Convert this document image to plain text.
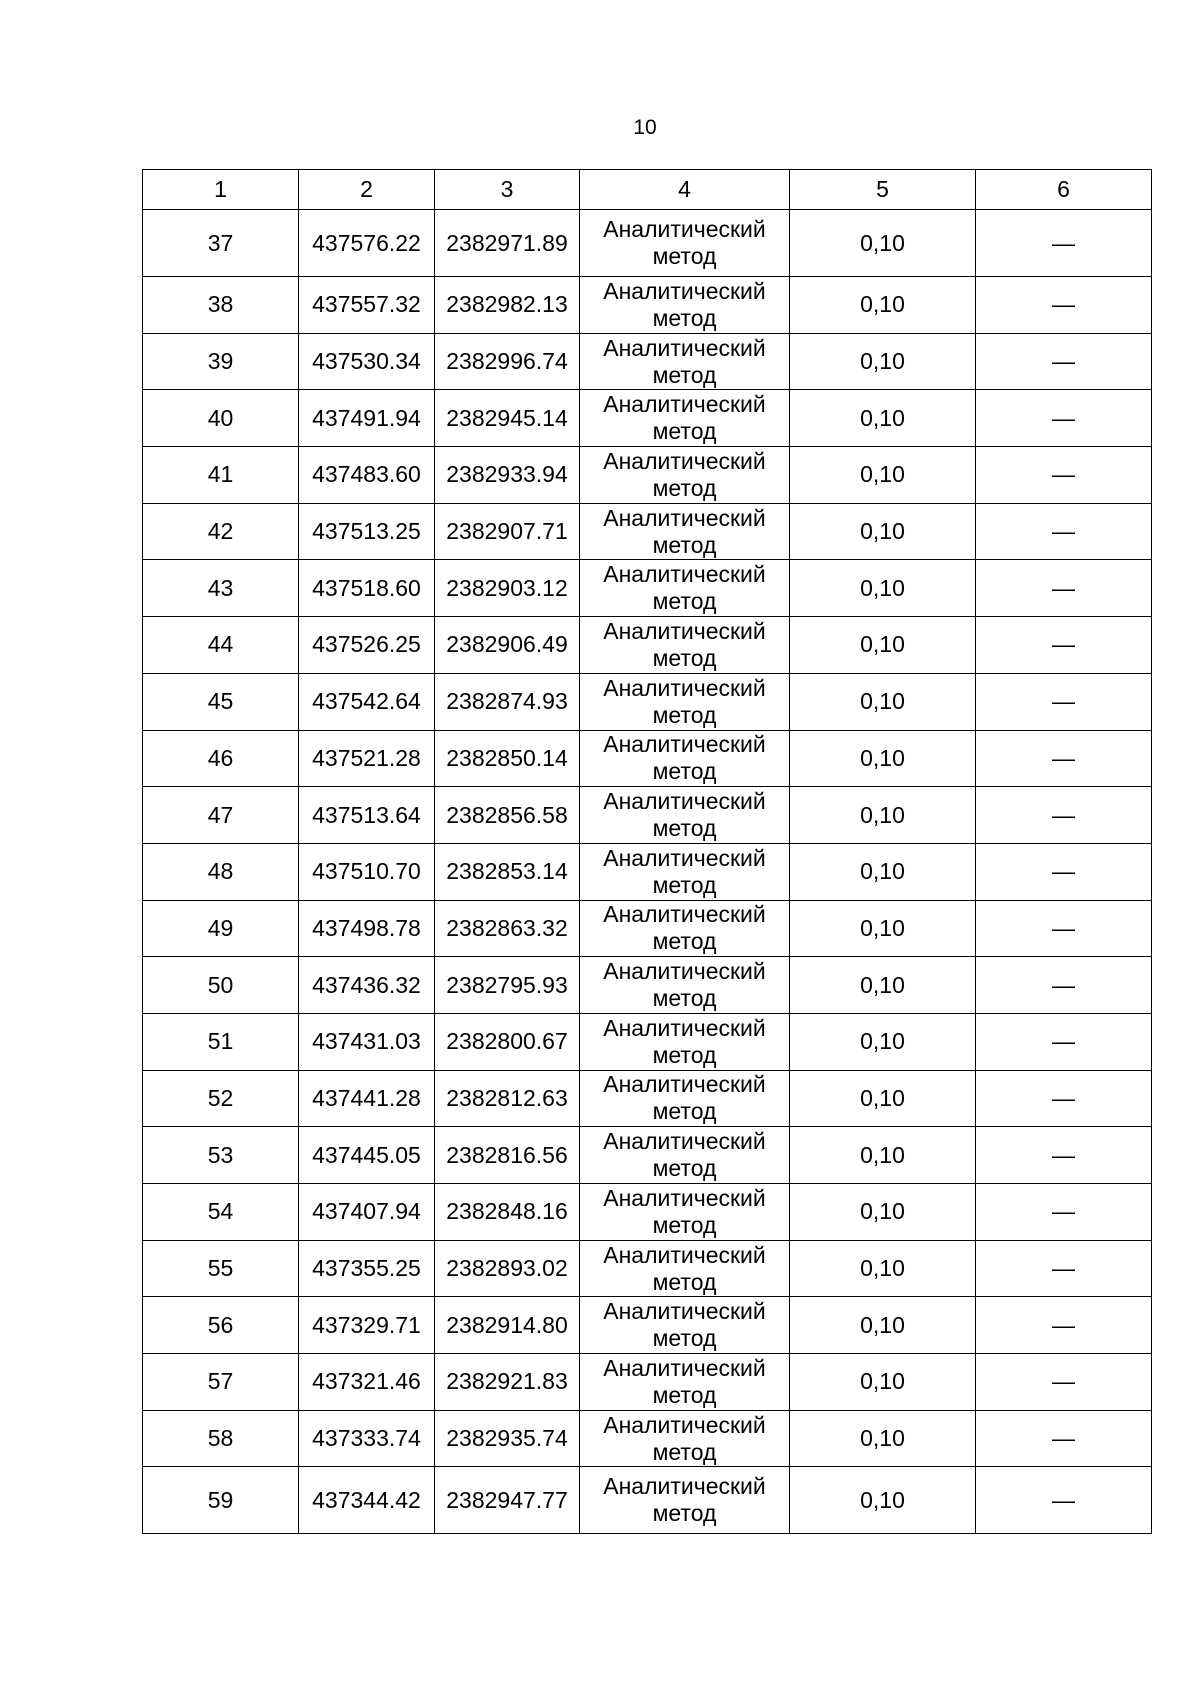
10
1	2	3	4	5	6
37	437576.22	2382971.89	Аналитический
метод	0,10	—
38	437557.32	2382982.13	Аналитический
метод	0,10	—
39	437530.34	2382996.74	Аналитический
метод	0,10	—
40	437491.94	2382945.14	Аналитический
метод	0,10	—
41	437483.60	2382933.94	Аналитический
метод	0,10	—
42	437513.25	2382907.71	Аналитический
метод	0,10	—
43	437518.60	2382903.12	Аналитический
метод	0,10	—
44	437526.25	2382906.49	Аналитический
метод	0,10	—
45	437542.64	2382874.93	Аналитический
метод	0,10	—
46	437521.28	2382850.14	Аналитический
метод	0,10	—
47	437513.64	2382856.58	Аналитический
метод	0,10	—
48	437510.70	2382853.14	Аналитический
метод	0,10	—
49	437498.78	2382863.32	Аналитический
метод	0,10	—
50	437436.32	2382795.93	Аналитический
метод	0,10	—
51	437431.03	2382800.67	Аналитический
метод	0,10	—
52	437441.28	2382812.63	Аналитический
метод	0,10	—
53	437445.05	2382816.56	Аналитический
метод	0,10	—
54	437407.94	2382848.16	Аналитический
метод	0,10	—
55	437355.25	2382893.02	Аналитический
метод	0,10	—
56	437329.71	2382914.80	Аналитический
метод	0,10	—
57	437321.46	2382921.83	Аналитический
метод	0,10	—
58	437333.74	2382935.74	Аналитический
метод	0,10	—
59	437344.42	2382947.77	Аналитический
метод	0,10	—
